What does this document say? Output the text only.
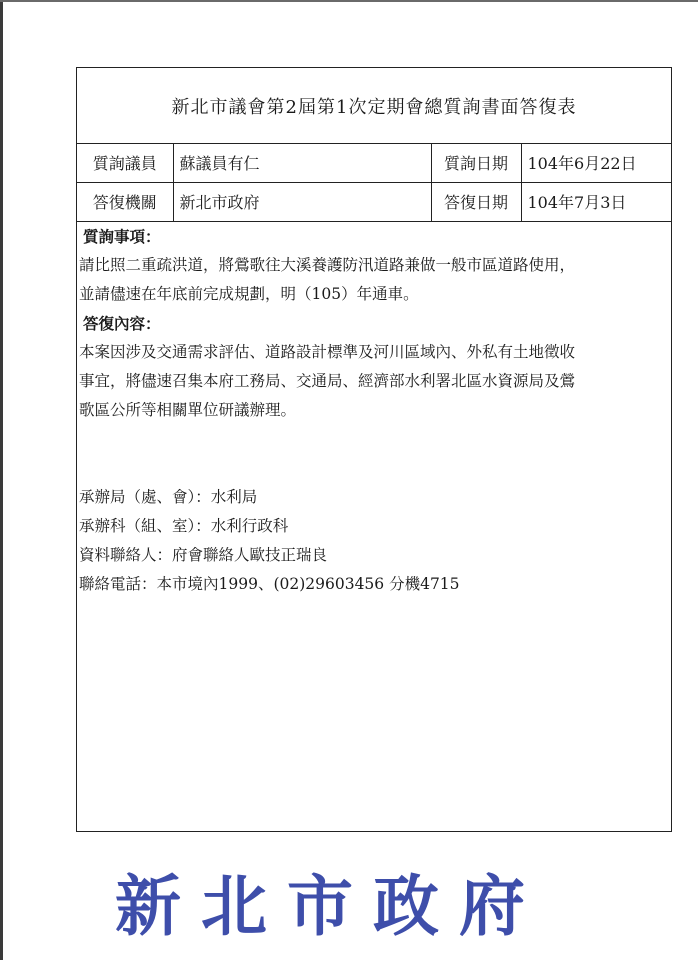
新北市議會第2屆第1次定期會總質詢書面答復表
質詢議員	蘇議員有仁	質詢日期	104年6月22日
答復機關	新北市政府	答復日期	104年7月3日
質詢事項：
請比照二重疏洪道，將鶯歌往大溪養護防汛道路兼做一般市區道路使用，
並請儘速在年底前完成規劃，明（105）年通車。
答復內容：
本案因涉及交通需求評估、道路設計標準及河川區域內、外私有土地徵收
事宜，將儘速召集本府工務局、交通局、經濟部水利署北區水資源局及鶯
歌區公所等相關單位研議辦理。
承辦局（處、會）：水利局
承辦科（組、室）：水利行政科
資料聯絡人：府會聯絡人歐技正瑞良
聯絡電話：本市境內1999、(02)29603456 分機4715
新北市政府
